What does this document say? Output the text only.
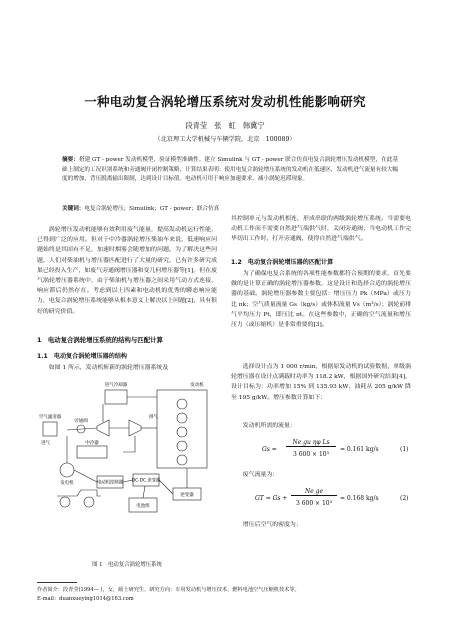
一种电动复合涡轮增压系统对发动机性能影响研究
段青莹　张　虹　韩冀宁
（北京理工大学机械与车辆学院，北京　100089）
摘要：搭建 GT - power 发动机模型，验证模型准确性。建立 Simulink 与 GT - power 联合仿真电复合涡轮增压发动机模型，在此基础上制定的工况识别系统和旁通阀开闭控制策略，计算结果表明：使用电复合涡轮增压系统的发动机在低速区，发动机进气流量有较大幅度的增加，背压脱离输出限制，达到设计目标值。电动机可用于响应加速要求，减小涡轮迟滞现象。
关键词：电复合涡轮增压；Simulink；GT - power；联合仿真
涡轮增压发动机能够有效利用废气能量，提高发动机运行性能，已得到广泛的应用。但对于中冷器涡轮增压柴油车来说，低速响应问题始终是其固有不足，加速时烟雾会随增加的问题。为了解决这些问题，人们对柴油机与增压器匹配进行了大量的研究，已有许多研究成果已经投入生产，如废气旁通阀增压器和变几何增压器等[1]。但在废气涡轮增压器系统中，由于柴油机与增压器之间采用气动方式连接，响应滞后仍然存在。考虑到以上四素和电动机的优秀的瞬态响应能力，电复合涡轮增压系统能够从根本意义上解决以上问题[2]，具有很好的研究价值。
1　电动复合涡轮增压系统的结构与匹配计算
1.1　电动复合涡轮增压器的结构
如图 1 所示，发动机斩新的涡轮增压器系统及
进气冷却器
中冷器
空气滤清器
进气
排气
旁通阀
发电机	电动机控制器 DC-DC 逆变器
电池组
逆变器
发动机
图 1　电动复合涡轮增压系统
其控制单元与发动机相连，形成串联的两级涡轮增压系统。当需要电动机工作而不需要自然进气端供气时，关闭旁通阀；当电动机工作完毕切出工作时，打开旁通阀，使得自然进气端供气。
1.2　电动复合涡轮增压器的匹配计算
为了确保电复合系统的各项性能参数都符合预期的要求，首先要做的是计算正确的涡轮增压器参数，这是设计和选择合适的涡轮增压器的基础。涡轮增压器参数主要包括：增压压力 Pk（MPa）或压力比 πk；空气质量流量 Gs（kg/s）或体积流量 Vs（m³/s）；涡轮前排气平均压力 Pt，即压比 πt。在这些参数中，正确的空气流量和增压压力（或压缩机）是非常重要的[3]。
选择设计点为 1 000 r/min，根据原发动机的试验数据，单级涡轮增压器在设计点满载时功率为 118.2 kW，根据国外研究结果[4]，设计目标为：功率增加 15% 到 135.93 kW，油耗从 205 g/kW 降至 195 g/kW。增压参数计算如下：
发动机所需的流量：
Gs =
Ne gu ηφ Ls
3 600 × 10³
= 0.161 kg/s	(1)
废气流量为：
GT = Gs +
Ne ge
3 600 × 10³
= 0.168 kg/s	(2)
增压后空气的密度为：
作者简介：段青莹(1994— )，女，硕士研究生，研究方向：车用发动机与增压技术、燃料电池空气压缩机技术等。
E-mail：duanxueying1014@163.com
